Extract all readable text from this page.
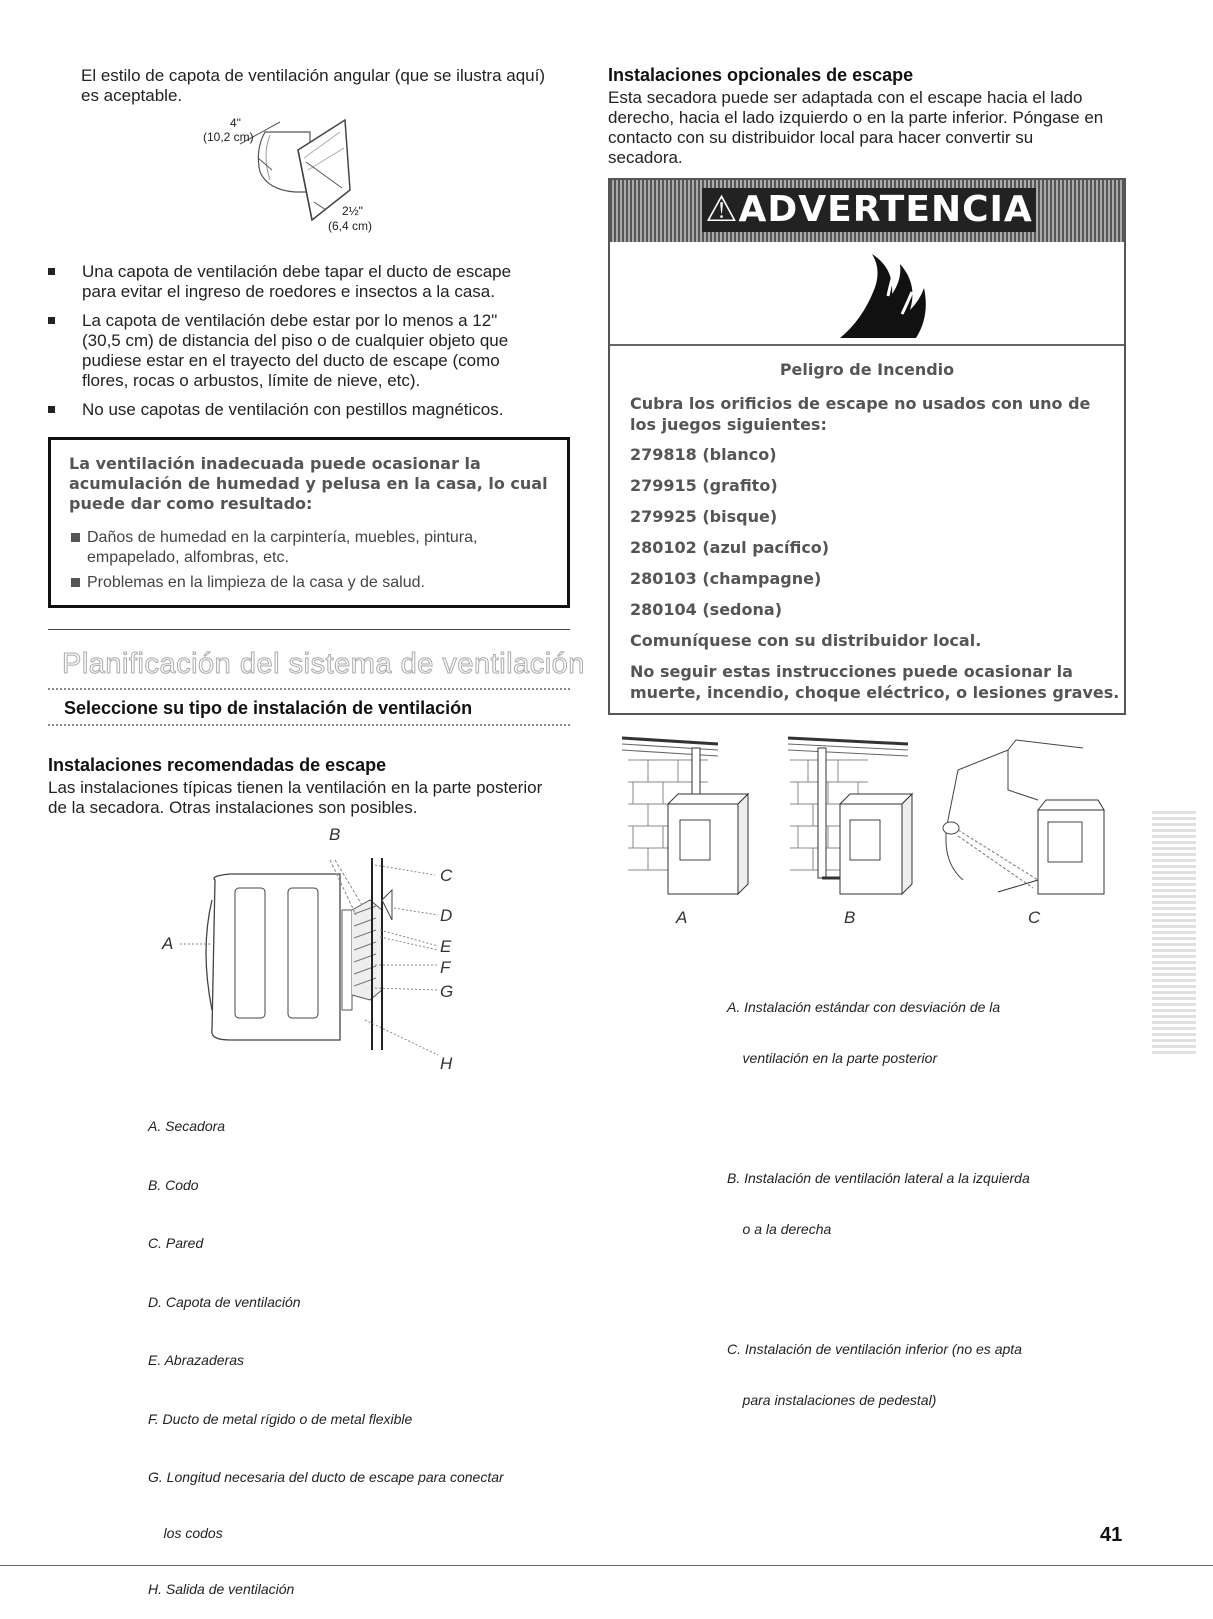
El estilo de capota de ventilación angular (que se ilustra aquí)
es aceptable.
4"
(10,2 cm)
2½"
(6,4 cm)
Una capota de ventilación debe tapar el ducto de escape
para evitar el ingreso de roedores e insectos a la casa.
La capota de ventilación debe estar por lo menos a 12"
(30,5 cm) de distancia del piso o de cualquier objeto que
pudiese estar en el trayecto del ducto de escape (como
flores, rocas o arbustos, límite de nieve, etc).
No use capotas de ventilación con pestillos magnéticos.
La ventilación inadecuada puede ocasionar la
acumulación de humedad y pelusa en la casa, lo cual
puede dar como resultado:
Daños de humedad en la carpintería, muebles, pintura,
empapelado, alfombras, etc.
Problemas en la limpieza de la casa y de salud.
Planificación del sistema de ventilación
Seleccione su tipo de instalación de ventilación
Instalaciones recomendadas de escape
Las instalaciones típicas tienen la ventilación en la parte posterior
de la secadora. Otras instalaciones son posibles.
A
B
C
D
E
F
G
H

A. Secadora

B. Codo

C. Pared

D. Capota de ventilación

E. Abrazaderas

F. Ducto de metal rígido o de metal flexible

G. Longitud necesaria del ducto de escape para conectar

los codos

H. Salida de ventilación

Instalaciones opcionales de escape
Esta secadora puede ser adaptada con el escape hacia el lado
derecho, hacia el lado izquierdo o en la parte inferior. Póngase en
contacto con su distribuidor local para hacer convertir su
secadora.
⚠ADVERTENCIA
Peligro de Incendio
Cubra los orificios de escape no usados con uno de
los juegos siguientes:
279818 (blanco)
279915 (grafito)
279925 (bisque)
280102 (azul pacífico)
280103 (champagne)
280104 (sedona)
Comuníquese con su distribuidor local.
No seguir estas instrucciones puede ocasionar la
muerte, incendio, choque eléctrico, o lesiones graves.
A	B	C

A. Instalación estándar con desviación de la

ventilación en la parte posterior

B. Instalación de ventilación lateral a la izquierda

o a la derecha

C. Instalación de ventilación inferior (no es apta

para instalaciones de pedestal)

41
